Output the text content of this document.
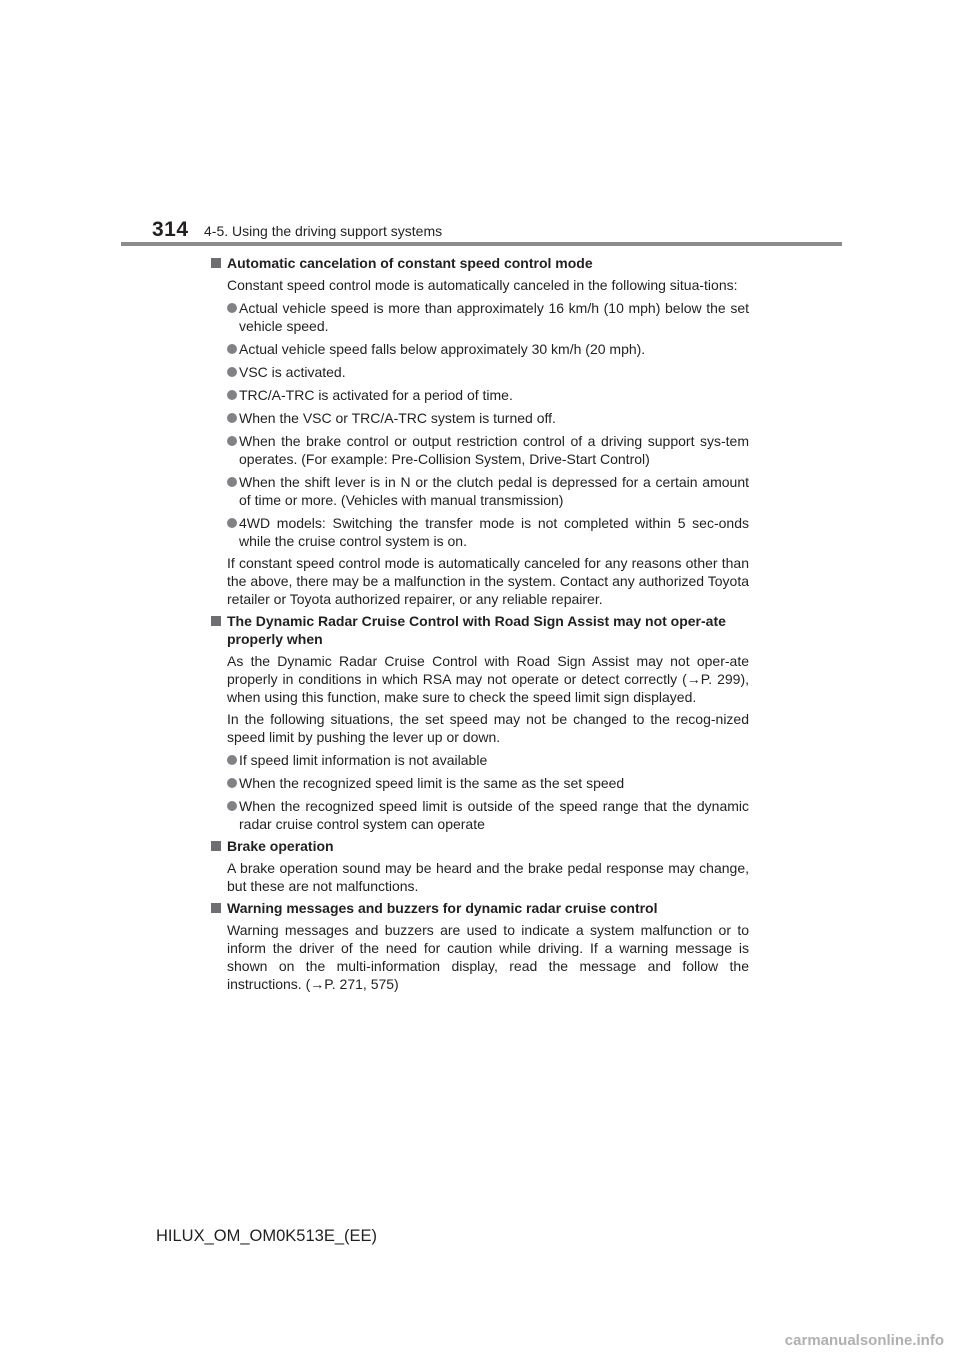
314 4-5. Using the driving support systems
Automatic cancelation of constant speed control mode
Constant speed control mode is automatically canceled in the following situa-tions:
Actual vehicle speed is more than approximately 16 km/h (10 mph) below the set vehicle speed.
Actual vehicle speed falls below approximately 30 km/h (20 mph).
VSC is activated.
TRC/A-TRC is activated for a period of time.
When the VSC or TRC/A-TRC system is turned off.
When the brake control or output restriction control of a driving support sys-tem operates. (For example: Pre-Collision System, Drive-Start Control)
When the shift lever is in N or the clutch pedal is depressed for a certain amount of time or more. (Vehicles with manual transmission)
4WD models: Switching the transfer mode is not completed within 5 sec-onds while the cruise control system is on.
If constant speed control mode is automatically canceled for any reasons other than the above, there may be a malfunction in the system. Contact any authorized Toyota retailer or Toyota authorized repairer, or any reliable repairer.
The Dynamic Radar Cruise Control with Road Sign Assist may not oper-ate properly when
As the Dynamic Radar Cruise Control with Road Sign Assist may not oper-ate properly in conditions in which RSA may not operate or detect correctly (→P. 299), when using this function, make sure to check the speed limit sign displayed.
In the following situations, the set speed may not be changed to the recog-nized speed limit by pushing the lever up or down.
If speed limit information is not available
When the recognized speed limit is the same as the set speed
When the recognized speed limit is outside of the speed range that the dynamic radar cruise control system can operate
Brake operation
A brake operation sound may be heard and the brake pedal response may change, but these are not malfunctions.
Warning messages and buzzers for dynamic radar cruise control
Warning messages and buzzers are used to indicate a system malfunction or to inform the driver of the need for caution while driving. If a warning message is shown on the multi-information display, read the message and follow the instructions. (→P. 271, 575)
HILUX_OM_OM0K513E_(EE)
carmanualsonline.info
